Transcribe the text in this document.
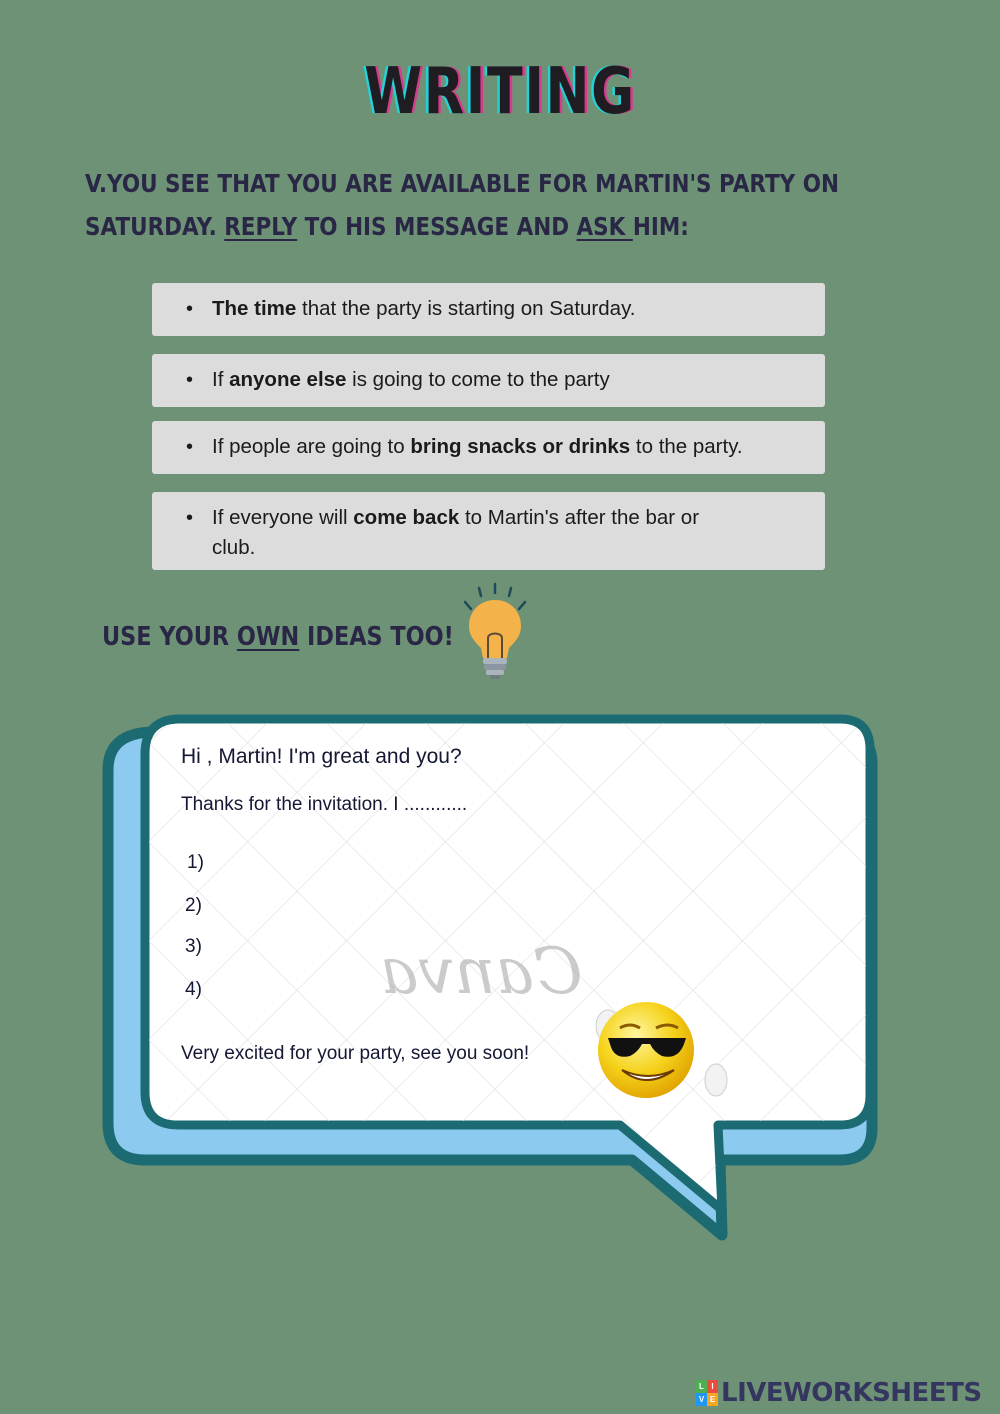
WRITING
V.YOU SEE THAT YOU ARE AVAILABLE FOR MARTIN'S PARTY ON
SATURDAY. REPLY TO HIS MESSAGE AND ASK HIM:
• The time that the party is starting on Saturday.
• If anyone else is going to come to the party
• If people are going to bring snacks or drinks to the party.
• If everyone will come back to Martin's after the bar or
club.
USE YOUR OWN IDEAS TOO!
Canva
Hi , Martin! I'm great and you?
Thanks for the invitation. I ............
1)
2)
3)
4)
Very excited for your party, see you soon!
L I
V E LIVEWORKSHEETS
